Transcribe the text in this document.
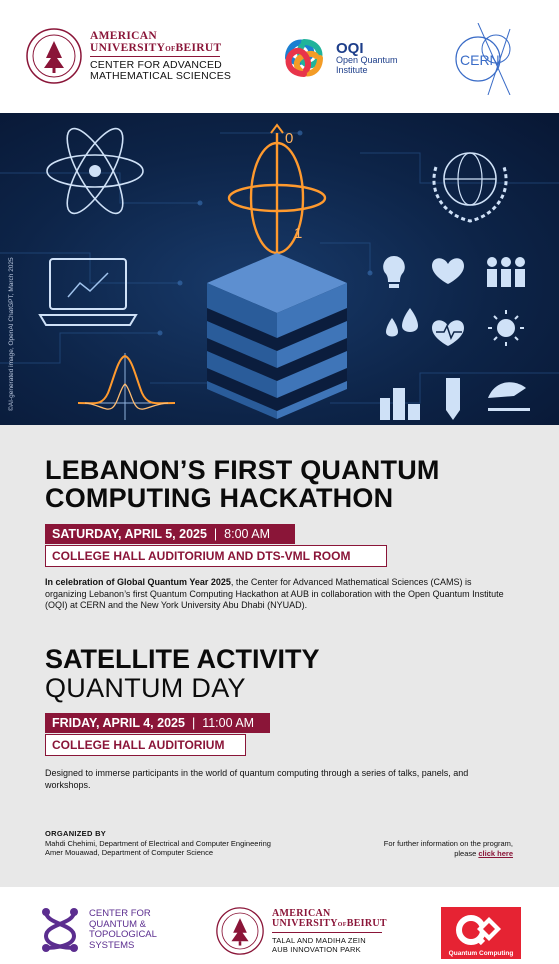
AMERICAN
UNIVERSITYOFBEIRUT
CENTER FOR ADVANCED
MATHEMATICAL SCIENCES
OQI
Open Quantum
Institute
CERN
0
1
©AI-generated image, OpenAI ChatGPT, March 2025
LEBANON’S FIRST QUANTUM
COMPUTING HACKATHON
SATURDAY, APRIL 5, 2025 | 8:00 AM
COLLEGE HALL AUDITORIUM AND DTS-VML ROOM
In celebration of Global Quantum Year 2025, the Center for Advanced Mathematical Sciences (CAMS) is organizing Lebanon’s first Quantum Computing Hackathon at AUB in collaboration with the Open Quantum Institute (OQI) at CERN and the New York University Abu Dhabi (NYUAD).
SATELLITE ACTIVITY
QUANTUM DAY
FRIDAY, APRIL 4, 2025 | 11:00 AM
COLLEGE HALL AUDITORIUM
Designed to immerse participants in the world of quantum computing through a series of talks, panels, and workshops.
ORGANIZED BY
Mahdi Chehimi, Department of Electrical and Computer Engineering
Amer Mouawad, Department of Computer Science
For further information on the program,
please click here
CENTER FOR
QUANTUM &
TOPOLOGICAL
SYSTEMS
AMERICAN
UNIVERSITYOFBEIRUT
TALAL AND MADIHA ZEIN
AUB INNOVATION PARK	Quantum Computing
